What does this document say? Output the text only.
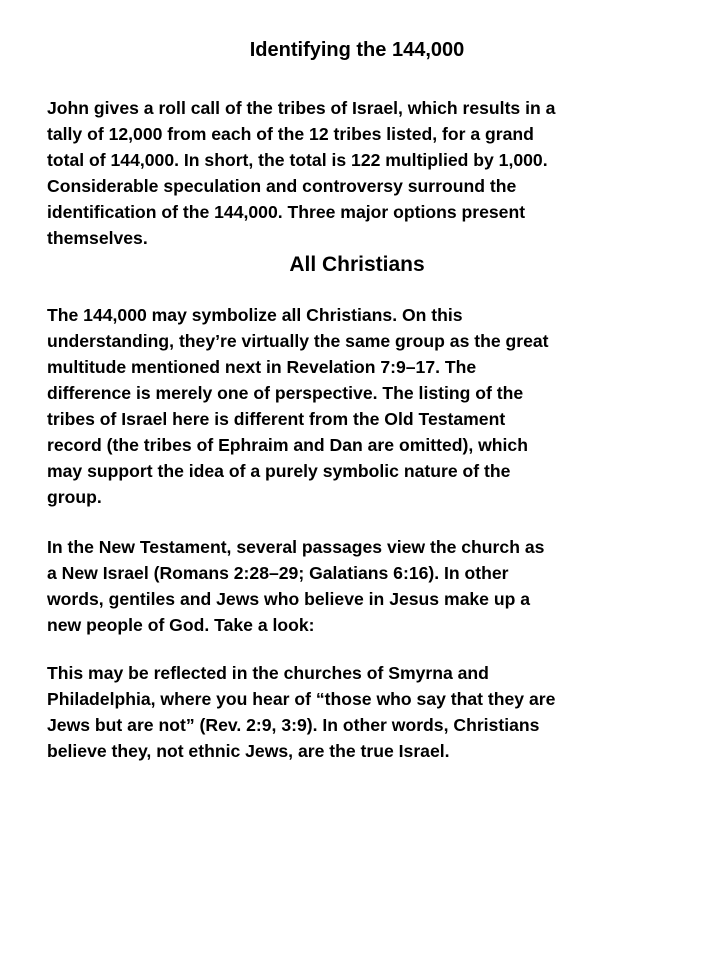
Identifying the 144,000

John gives a roll call of the tribes of Israel, which results in a
tally of 12,000 from each of the 12 tribes listed, for a grand
total of 144,000. In short, the total is 122 multiplied by 1,000.
Considerable speculation and controversy surround the
identification of the 144,000. Three major options present
themselves.

All Christians

The 144,000 may symbolize all Christians. On this
understanding, they’re virtually the same group as the great
multitude mentioned next in Revelation 7:9–17. The
difference is merely one of perspective. The listing of the
tribes of Israel here is different from the Old Testament
record (the tribes of Ephraim and Dan are omitted), which
may support the idea of a purely symbolic nature of the
group.

In the New Testament, several passages view the church as
a New Israel (Romans 2:28–29; Galatians 6:16). In other
words, gentiles and Jews who believe in Jesus make up a
new people of God. Take a look:

This may be reflected in the churches of Smyrna and
Philadelphia, where you hear of “those who say that they are
Jews but are not” (Rev. 2:9, 3:9). In other words, Christians
believe they, not ethnic Jews, are the true Israel.
